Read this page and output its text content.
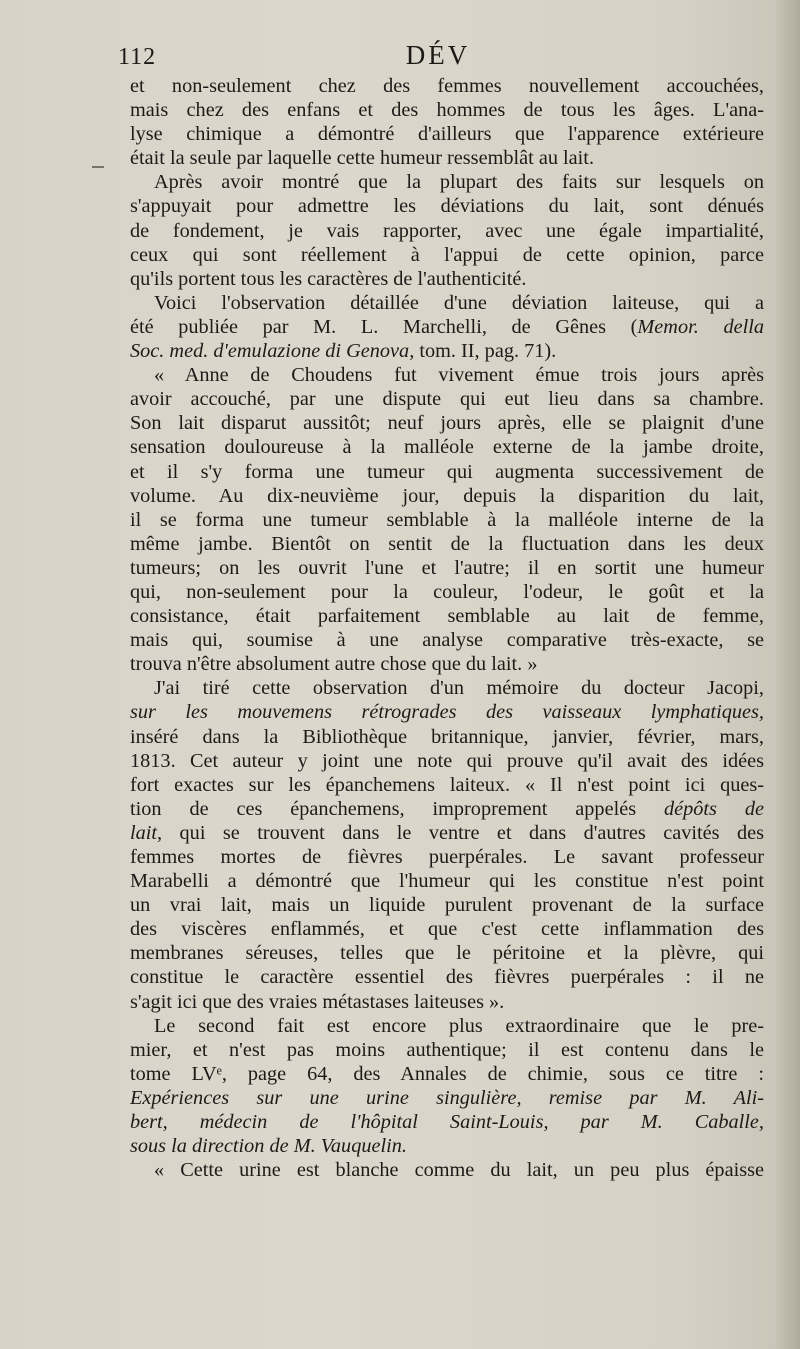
112	DÉV
et non-seulement chez des femmes nouvellement accouchées,
mais chez des enfans et des hommes de tous les âges. L'ana-
lyse chimique a démontré d'ailleurs que l'apparence extérieure
était la seule par laquelle cette humeur ressemblât au lait.
Après avoir montré que la plupart des faits sur lesquels on
s'appuyait pour admettre les déviations du lait, sont dénués
de fondement, je vais rapporter, avec une égale impartialité,
ceux qui sont réellement à l'appui de cette opinion, parce
qu'ils portent tous les caractères de l'authenticité.
Voici l'observation détaillée d'une déviation laiteuse, qui a
été publiée par M. L. Marchelli, de Gênes (Memor. della
Soc. med. d'emulazione di Genova, tom. II, pag. 71).
« Anne de Choudens fut vivement émue trois jours après
avoir accouché, par une dispute qui eut lieu dans sa chambre.
Son lait disparut aussitôt; neuf jours après, elle se plaignit d'une
sensation douloureuse à la malléole externe de la jambe droite,
et il s'y forma une tumeur qui augmenta successivement de
volume. Au dix-neuvième jour, depuis la disparition du lait,
il se forma une tumeur semblable à la malléole interne de la
même jambe. Bientôt on sentit de la fluctuation dans les deux
tumeurs; on les ouvrit l'une et l'autre; il en sortit une humeur
qui, non-seulement pour la couleur, l'odeur, le goût et la
consistance, était parfaitement semblable au lait de femme,
mais qui, soumise à une analyse comparative très-exacte, se
trouva n'être absolument autre chose que du lait. »
J'ai tiré cette observation d'un mémoire du docteur Jacopi,
sur les mouvemens rétrogrades des vaisseaux lymphatiques,
inséré dans la Bibliothèque britannique, janvier, février, mars,
1813. Cet auteur y joint une note qui prouve qu'il avait des idées
fort exactes sur les épanchemens laiteux. « Il n'est point ici ques-
tion de ces épanchemens, improprement appelés dépôts de
lait, qui se trouvent dans le ventre et dans d'autres cavités des
femmes mortes de fièvres puerpérales. Le savant professeur
Marabelli a démontré que l'humeur qui les constitue n'est point
un vrai lait, mais un liquide purulent provenant de la surface
des viscères enflammés, et que c'est cette inflammation des
membranes séreuses, telles que le péritoine et la plèvre, qui
constitue le caractère essentiel des fièvres puerpérales : il ne
s'agit ici que des vraies métastases laiteuses ».
Le second fait est encore plus extraordinaire que le pre-
mier, et n'est pas moins authentique; il est contenu dans le
tome LVᵉ, page 64, des Annales de chimie, sous ce titre :
Expériences sur une urine singulière, remise par M. Ali-
bert, médecin de l'hôpital Saint-Louis, par M. Caballe,
sous la direction de M. Vauquelin.
« Cette urine est blanche comme du lait, un peu plus épaisse
